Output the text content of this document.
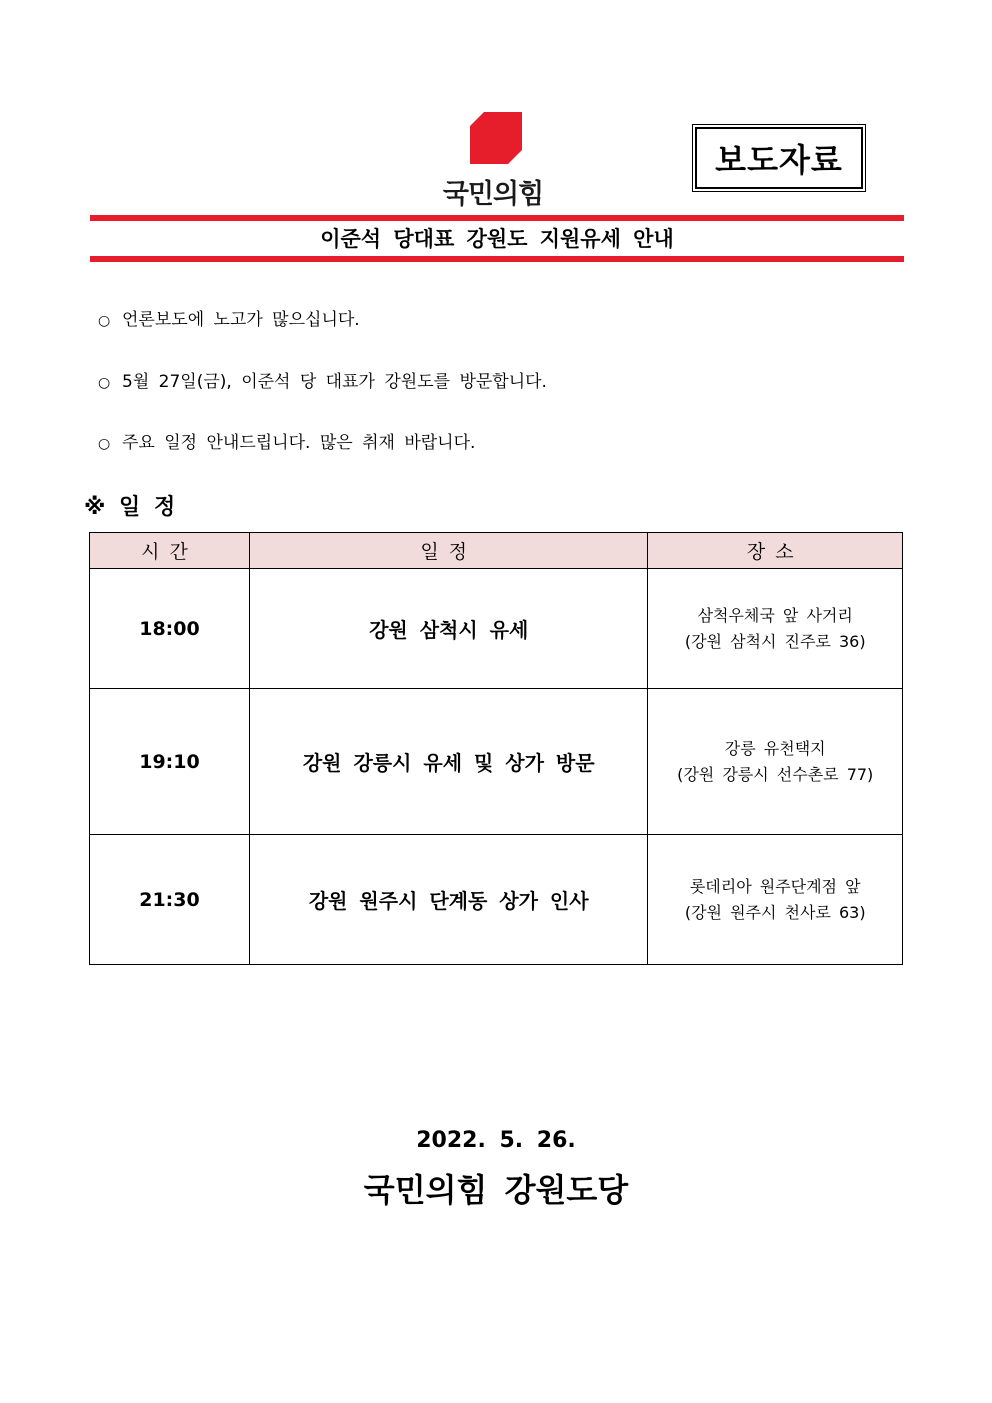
국민의힘
보도자료
이준석 당대표 강원도 지원유세 안내
○ 언론보도에 노고가 많으십니다.
○ 5월 27일(금), 이준석 당 대표가 강원도를 방문합니다.
○ 주요 일정 안내드립니다. 많은 취재 바랍니다.
※ 일 정
시간	일정	장소
18:00	강원 삼척시 유세	삼척우체국 앞 사거리
(강원 삼척시 진주로 36)

19:10	강원 강릉시 유세 및 상가 방문	강릉 유천택지
(강원 강릉시 선수촌로 77)

21:30	강원 원주시 단계동 상가 인사	롯데리아 원주단계점 앞
(강원 원주시 천사로 63)
2022. 5. 26.
국민의힘 강원도당
